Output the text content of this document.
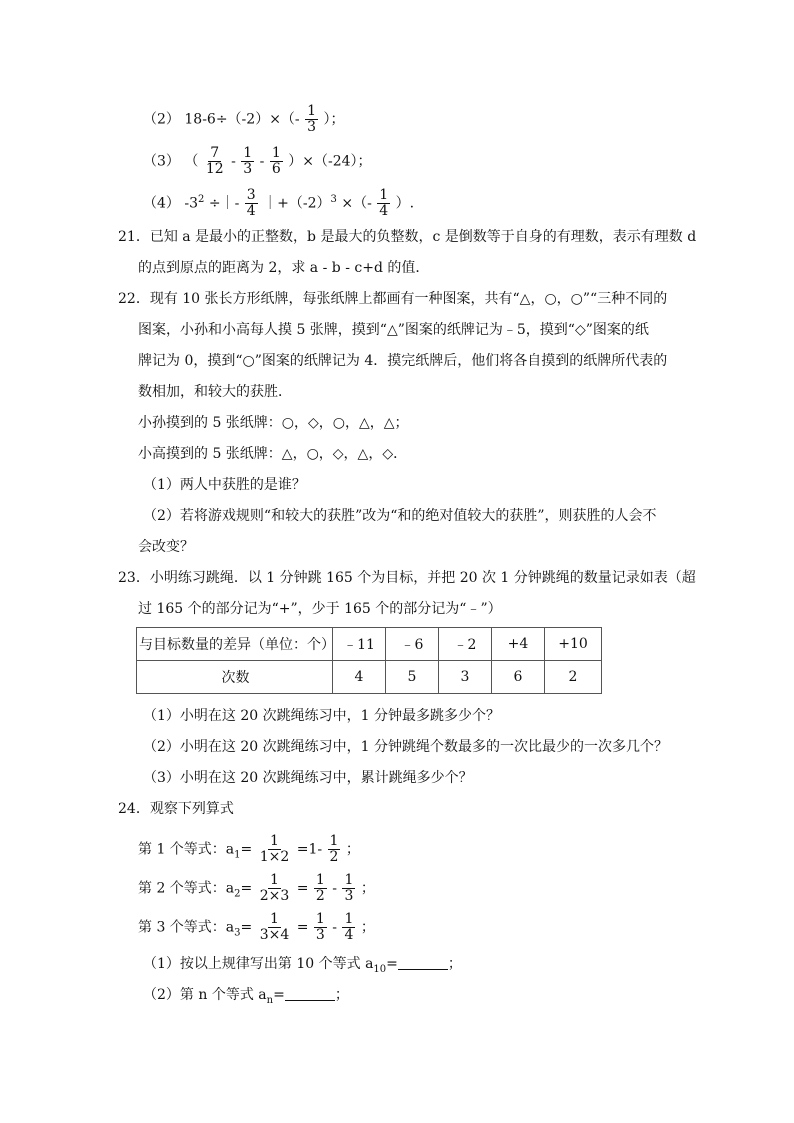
（2） $18-6\div(-2)\times(- \frac{1}{3}$ ）；
（3） （ $\frac{7}{12} - \frac{1}{3} - \frac{1}{6} )\times(-24)$；
（4） $-3^2$ ÷｜- $\frac{3}{4}$ $|+(-2)^3$ ×（- $\frac{1}{4}$ ）.
21．已知 a 是最小的正整数，b 是最大的负整数，c 是倒数等于自身的有理数，表示有理数 d
的点到原点的距离为 2，求 a - b - c+d 的值．
22．现有 10 张长方形纸牌，每张纸牌上都画有一种图案，共有“△，○，○”“三种不同的
图案，小孙和小高每人摸 5 张牌，摸到“△”图案的纸牌记为﹣5，摸到“◇”图案的纸
牌记为 0，摸到“○”图案的纸牌记为 4．摸完纸牌后，他们将各自摸到的纸牌所代表的
数相加，和较大的获胜．
小孙摸到的 5 张纸牌：○，◇，○，△，△；
小高摸到的 5 张纸牌：△，○，◇，△，◇．
（1）两人中获胜的是谁？
（2）若将游戏规则“和较大的获胜”改为“和的绝对值较大的获胜”，则获胜的人会不
会改变？
23．小明练习跳绳．以 1 分钟跳 165 个为目标，并把 20 次 1 分钟跳绳的数量记录如表（超
过 165 个的部分记为“+”，少于 165 个的部分记为“﹣”）
与目标数量的差异（单位：个）	﹣11	﹣6	﹣2	+4	+10
次数	4	5	3	6	2
（1）小明在这 20 次跳绳练习中，1 分钟最多跳多少个？
（2）小明在这 20 次跳绳练习中，1 分钟跳绳个数最多的一次比最少的一次多几个？
（3）小明在这 20 次跳绳练习中，累计跳绳多少个？
24．观察下列算式
第 1 个等式：$a_1= \frac{1}{1\times 2} =1- \frac{1}{2}$ ；
第 2 个等式：$a_2= \frac{1}{2\times 3} = \frac{1}{2} - \frac{1}{3}$ ；
第 3 个等式：$a_3= \frac{1}{3\times 4} = \frac{1}{3} - \frac{1}{4}$ ；
（1）按以上规律写出第 10 个等式 $a_{10}=$	；
（2）第 n 个等式 $a_n=$	；
